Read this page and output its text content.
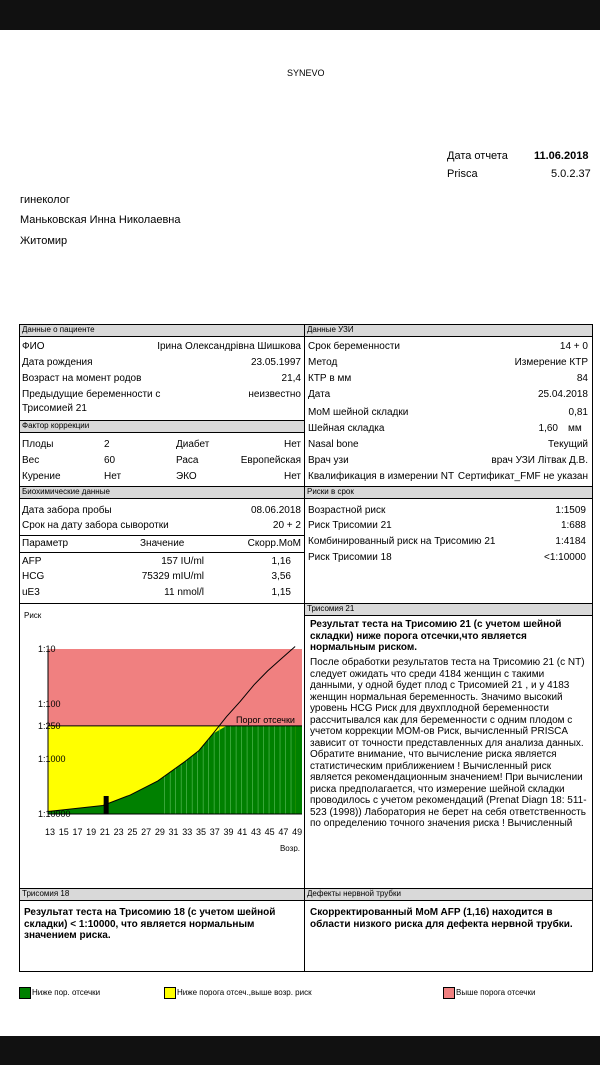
SYNEVO
Дата отчета 11.06.2018
Prisca	5.0.2.37
гинеколог
Маньковская Инна Николаевна
Житомир
Данные о пациенте
ФИО	Ірина Олександрівна Шишкова
Дата рождения	23.05.1997
Возраст на момент родов	21,4
Предыдущие беременности с	неизвестно
Трисомией 21
Фактор коррекции
Плоды	2	Диабет	Нет
Вес	60	Раса	Европейская
Курение	Нет	ЭКО	Нет
Биохимические данные
Дата забора пробы	08.06.2018
Срок на дату забора сыворотки	20 + 2
Параметр	Значение	Скорр.MoM
AFP	157 IU/ml	1,16
HCG	75329 mIU/ml	3,56
uE3	11 nmol/l	1,15
Риск
Порог отсечки
1:10
1:100
1:250
1:1000
1:10000
13 15 17 19 21 23 25 27 29 31 33 35 37 39 41 43 45 47 49
Возр.
Данные УЗИ
Срок беременности	14 + 0
Метод	Измерение КТР
КТР в мм	84
Дата	25.04.2018
MoM шейной складки	0,81
Шейная складка	1,60 мм
Nasal bone	Текущий
Врач узи	врач УЗИ Літвак Д.В.
Квалификация в измерении NT Сертификат_FMF не указан
Риски в срок
Возрастной риск	1:1509
Риск Трисомии 21	1:688
Комбинированный риск на Трисомию 21	1:4184
Риск Трисомии 18	<1:10000
Трисомия 21
Результат теста на Трисомию 21 (с учетом шейной складки) ниже порога отсечки,что является нормальным риском.
После обработки результатов теста на Трисомию 21 (с NT) следует ожидать что среди 4184 женщин с такими данными, у одной будет плод с Трисомией 21 , и у 4183 женщин нормальная беременность. Значимо высокий уровень HCG Риск для двухплодной беременности рассчитывался как для беременности с одним плодом с учетом коррекции MOM-ов Риск, вычисленный PRISCA зависит от точности представленных для анализа данных. Обратите внимание, что вычисление риска является статистическим приближением ! Вычисленный риск является рекомендационным значением! При вычислении риска предполагается, что измерение шейной складки проводилось с учетом рекомендаций (Prenat Diagn 18: 511-523 (1998)) Лаборатория не берет на себя ответственность по определению точного значения риска ! Вычисленный
Трисомия 18
Результат теста на Трисомию 18 (с учетом шейной складки) < 1:10000, что является нормальным значением риска.
Дефекты нервной трубки
Скорректированный MoM AFP (1,16) находится в области низкого риска для дефекта нервной трубки.
Ниже пор. отсечки	Ниже порога отсеч.,выше возр. риск	Выше порога отсечки
